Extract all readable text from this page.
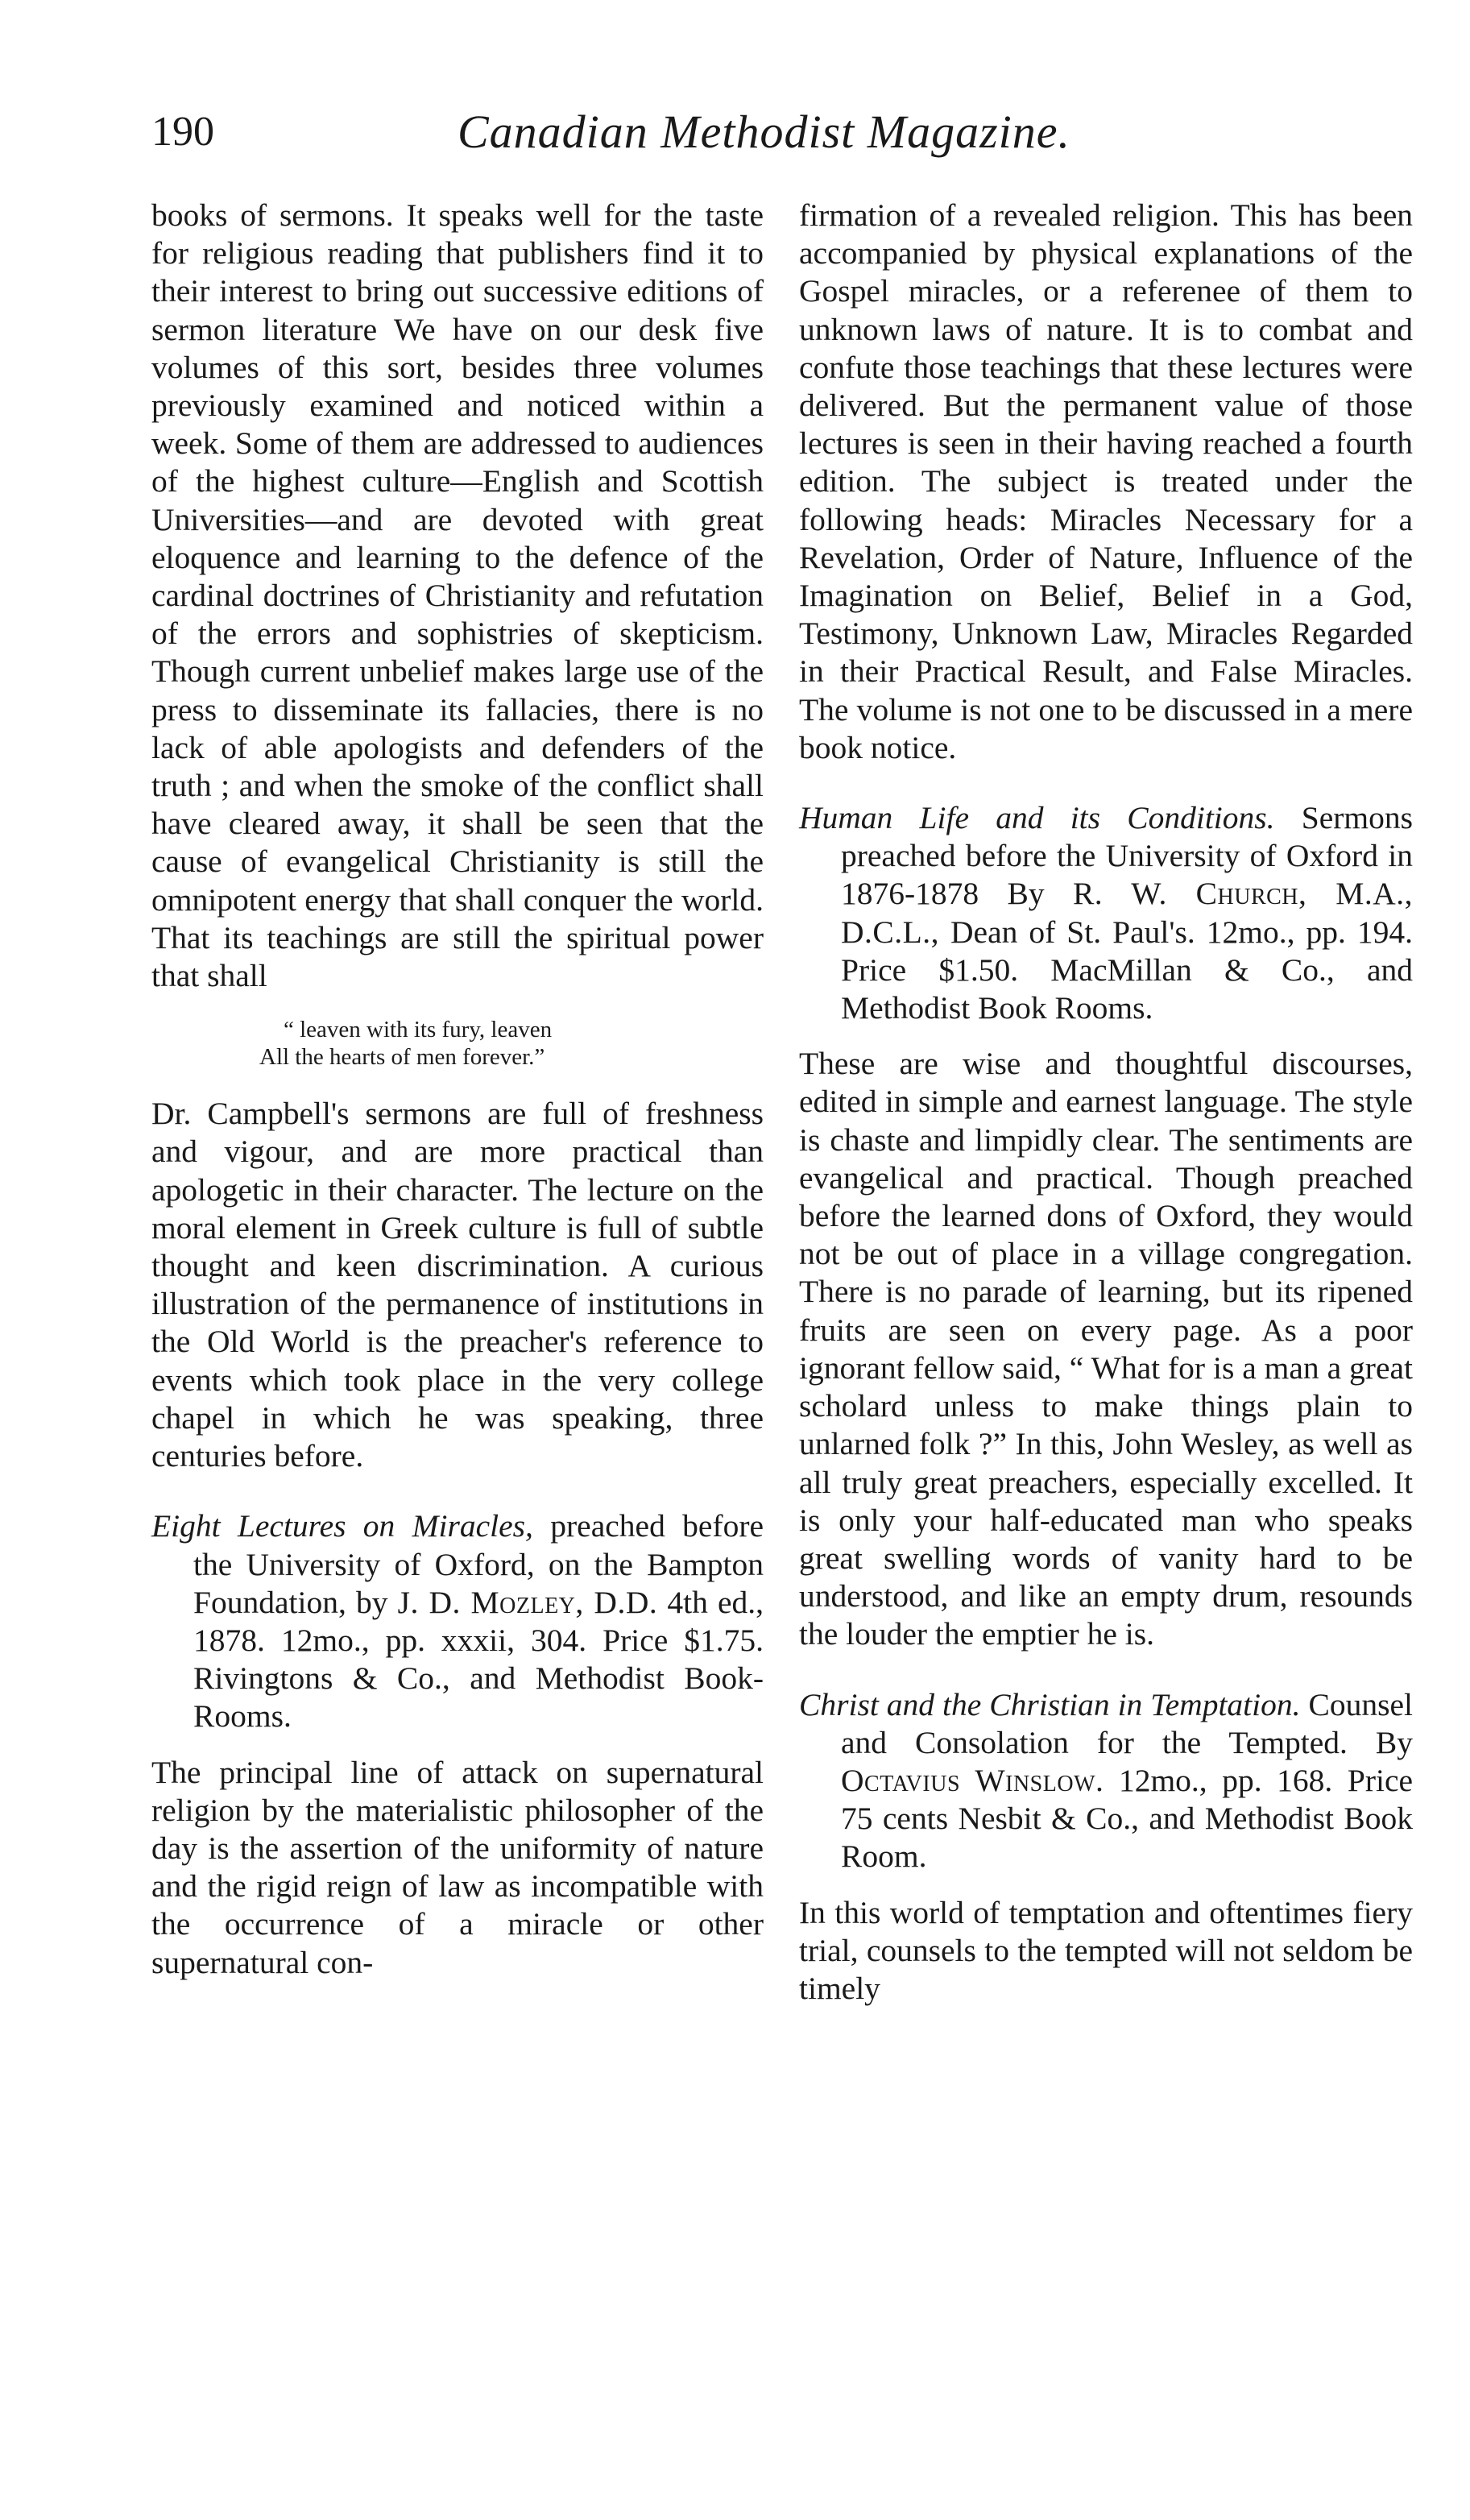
190	Canadian Methodist Magazine.

books of sermons. It speaks well for the taste for religious reading that publishers find it to their interest to bring out successive editions of sermon literature We have on our desk five volumes of this sort, besides three volumes previously examined and noticed within a week. Some of them are addressed to audiences of the highest culture—English and Scottish Universities—and are devoted with great eloquence and learning to the defence of the cardinal doctrines of Christianity and refutation of the errors and sophistries of skepticism. Though current unbelief makes large use of the press to disseminate its fallacies, there is no lack of able apologists and defenders of the truth ; and when the smoke of the conflict shall have cleared away, it shall be seen that the cause of evangelical Christianity is still the omnipotent energy that shall conquer the world. That its teachings are still the spiritual power that shall

“ leaven with its fury, leaven
All the hearts of men forever.”

Dr. Campbell's sermons are full of freshness and vigour, and are more practical than apologetic in their character. The lecture on the moral element in Greek culture is full of subtle thought and keen discrimination. A curious illustration of the permanence of institutions in the Old World is the preacher's reference to events which took place in the very college chapel in which he was speaking, three centuries before.

Eight Lectures on Miracles, preached before the University of Oxford, on the Bampton Foundation, by J. D. Mozley, D.D. 4th ed., 1878. 12mo., pp. xxxii, 304. Price $1.75. Rivingtons & Co., and Methodist Book-Rooms.

The principal line of attack on supernatural religion by the materialistic philosopher of the day is the assertion of the uniformity of nature and the rigid reign of law as incompatible with the occurrence of a miracle or other supernatural con-

firmation of a revealed religion. This has been accompanied by physical explanations of the Gospel miracles, or a referenee of them to unknown laws of nature. It is to combat and confute those teachings that these lectures were delivered. But the permanent value of those lectures is seen in their having reached a fourth edition. The subject is treated under the following heads: Miracles Necessary for a Revelation, Order of Nature, Influence of the Imagination on Belief, Belief in a God, Testimony, Unknown Law, Miracles Regarded in their Practical Result, and False Miracles. The volume is not one to be discussed in a mere book notice.

Human Life and its Conditions. Sermons preached before the University of Oxford in 1876-1878 By R. W. Church, M.A., D.C.L., Dean of St. Paul's. 12mo., pp. 194. Price $1.50. MacMillan & Co., and Methodist Book Rooms.

These are wise and thoughtful discourses, edited in simple and earnest language. The style is chaste and limpidly clear. The sentiments are evangelical and practical. Though preached before the learned dons of Oxford, they would not be out of place in a village congregation. There is no parade of learning, but its ripened fruits are seen on every page. As a poor ignorant fellow said, “ What for is a man a great scholard unless to make things plain to unlarned folk ?” In this, John Wesley, as well as all truly great preachers, especially excelled. It is only your half-educated man who speaks great swelling words of vanity hard to be understood, and like an empty drum, resounds the louder the emptier he is.

Christ and the Christian in Temptation. Counsel and Consolation for the Tempted. By Octavius Winslow. 12mo., pp. 168. Price 75 cents Nesbit & Co., and Methodist Book Room.

In this world of temptation and oftentimes fiery trial, counsels to the tempted will not seldom be timely
